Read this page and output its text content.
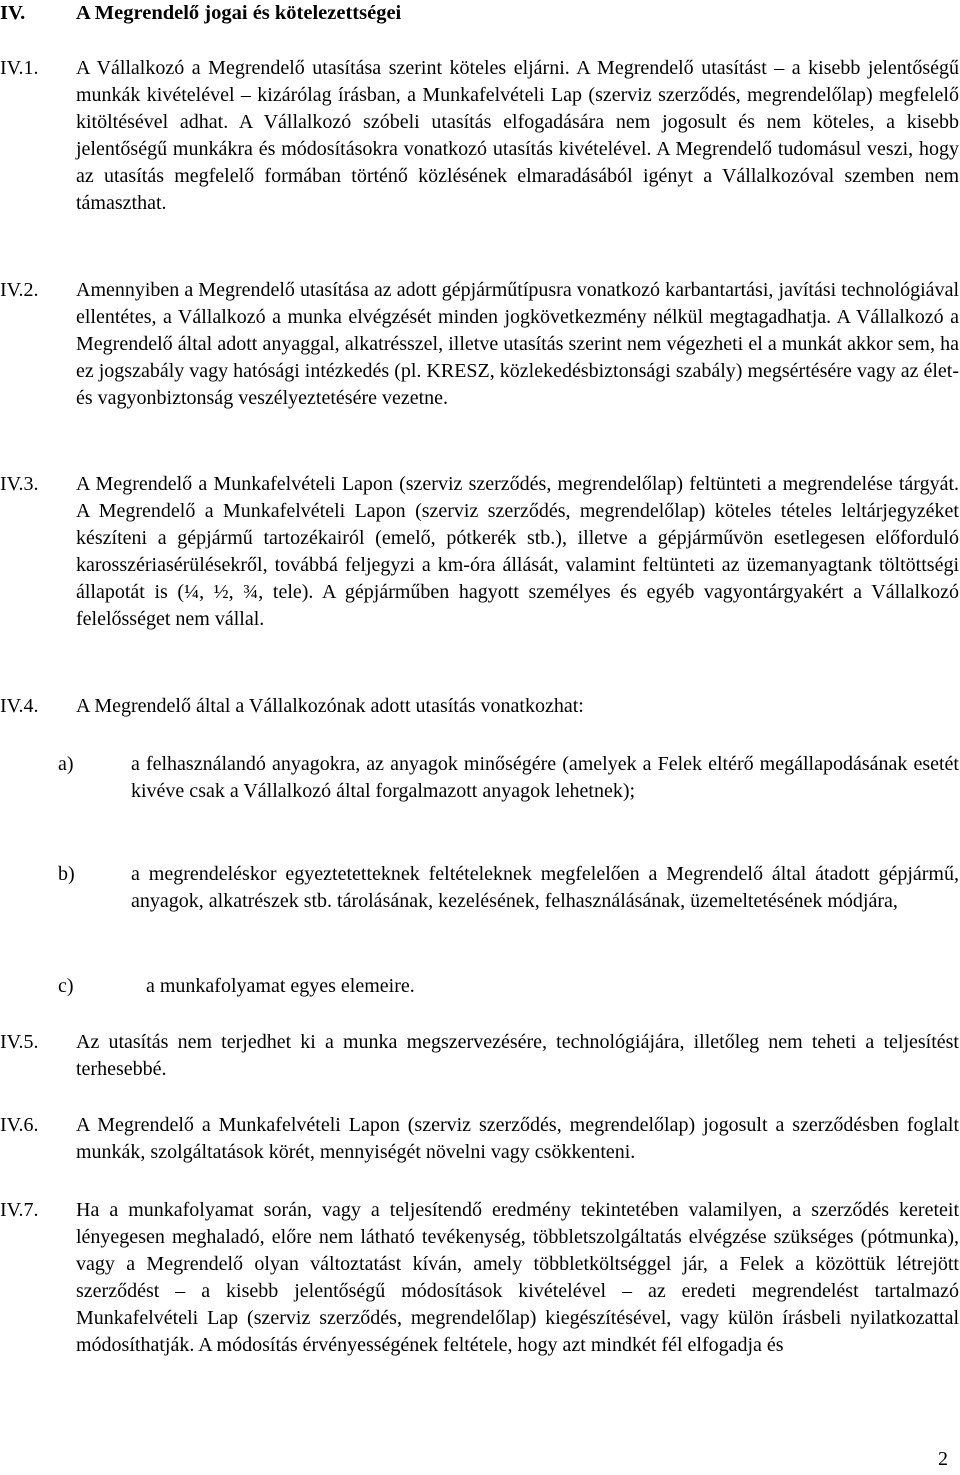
IV. A Megrendelő jogai és kötelezettségei
IV.1. A Vállalkozó a Megrendelő utasítása szerint köteles eljárni. A Megrendelő utasítást – a kisebb jelentőségű munkák kivételével – kizárólag írásban, a Munkafelvételi Lap (szerviz szerződés, megrendelőlap) megfelelő kitöltésével adhat. A Vállalkozó szóbeli utasítás elfogadására nem jogosult és nem köteles, a kisebb jelentőségű munkákra és módosításokra vonatkozó utasítás kivételével. A Megrendelő tudomásul veszi, hogy az utasítás megfelelő formában történő közlésének elmaradásából igényt a Vállalkozóval szemben nem támaszthat.
IV.2. Amennyiben a Megrendelő utasítása az adott gépjárműtípusra vonatkozó karbantartási, javítási technológiával ellentétes, a Vállalkozó a munka elvégzését minden jogkövetkezmény nélkül megtagadhatja. A Vállalkozó a Megrendelő által adott anyaggal, alkatrésszel, illetve utasítás szerint nem végezheti el a munkát akkor sem, ha ez jogszabály vagy hatósági intézkedés (pl. KRESZ, közlekedésbiztonsági szabály) megsértésére vagy az élet- és vagyonbiztonság veszélyeztetésére vezetne.
IV.3. A Megrendelő a Munkafelvételi Lapon (szerviz szerződés, megrendelőlap) feltünteti a megrendelése tárgyát. A Megrendelő a Munkafelvételi Lapon (szerviz szerződés, megrendelőlap) köteles tételes leltárjegyzéket készíteni a gépjármű tartozékairól (emelő, pótkerék stb.), illetve a gépjárművön esetlegesen előforduló karosszériasérülésekről, továbbá feljegyzi a km-óra állását, valamint feltünteti az üzemanyagtank töltöttségi állapotát is (¼, ½, ¾, tele). A gépjárműben hagyott személyes és egyéb vagyontárgyakért a Vállalkozó felelősséget nem vállal.
IV.4. A Megrendelő által a Vállalkozónak adott utasítás vonatkozhat:
a)	a felhasználandó anyagokra, az anyagok minőségére (amelyek a Felek eltérő megállapodásának esetét kivéve csak a Vállalkozó által forgalmazott anyagok lehetnek);
b)	a megrendeléskor egyeztetetteknek feltételeknek megfelelően a Megrendelő által átadott gépjármű, anyagok, alkatrészek stb. tárolásának, kezelésének, felhasználásának, üzemeltetésének módjára,
c)	a munkafolyamat egyes elemeire.
IV.5. Az utasítás nem terjedhet ki a munka megszervezésére, technológiájára, illetőleg nem teheti a teljesítést terhesebbé.
IV.6. A Megrendelő a Munkafelvételi Lapon (szerviz szerződés, megrendelőlap) jogosult a szerződésben foglalt munkák, szolgáltatások körét, mennyiségét növelni vagy csökkenteni.
IV.7. Ha a munkafolyamat során, vagy a teljesítendő eredmény tekintetében valamilyen, a szerződés kereteit lényegesen meghaladó, előre nem látható tevékenység, többletszolgáltatás elvégzése szükséges (pótmunka), vagy a Megrendelő olyan változtatást kíván, amely többletköltséggel jár, a Felek a közöttük létrejött szerződést – a kisebb jelentőségű módosítások kivételével – az eredeti megrendelést tartalmazó Munkafelvételi Lap (szerviz szerződés, megrendelőlap) kiegészítésével, vagy külön írásbeli nyilatkozattal módosíthatják. A módosítás érvényességének feltétele, hogy azt mindkét fél elfogadja és
2
